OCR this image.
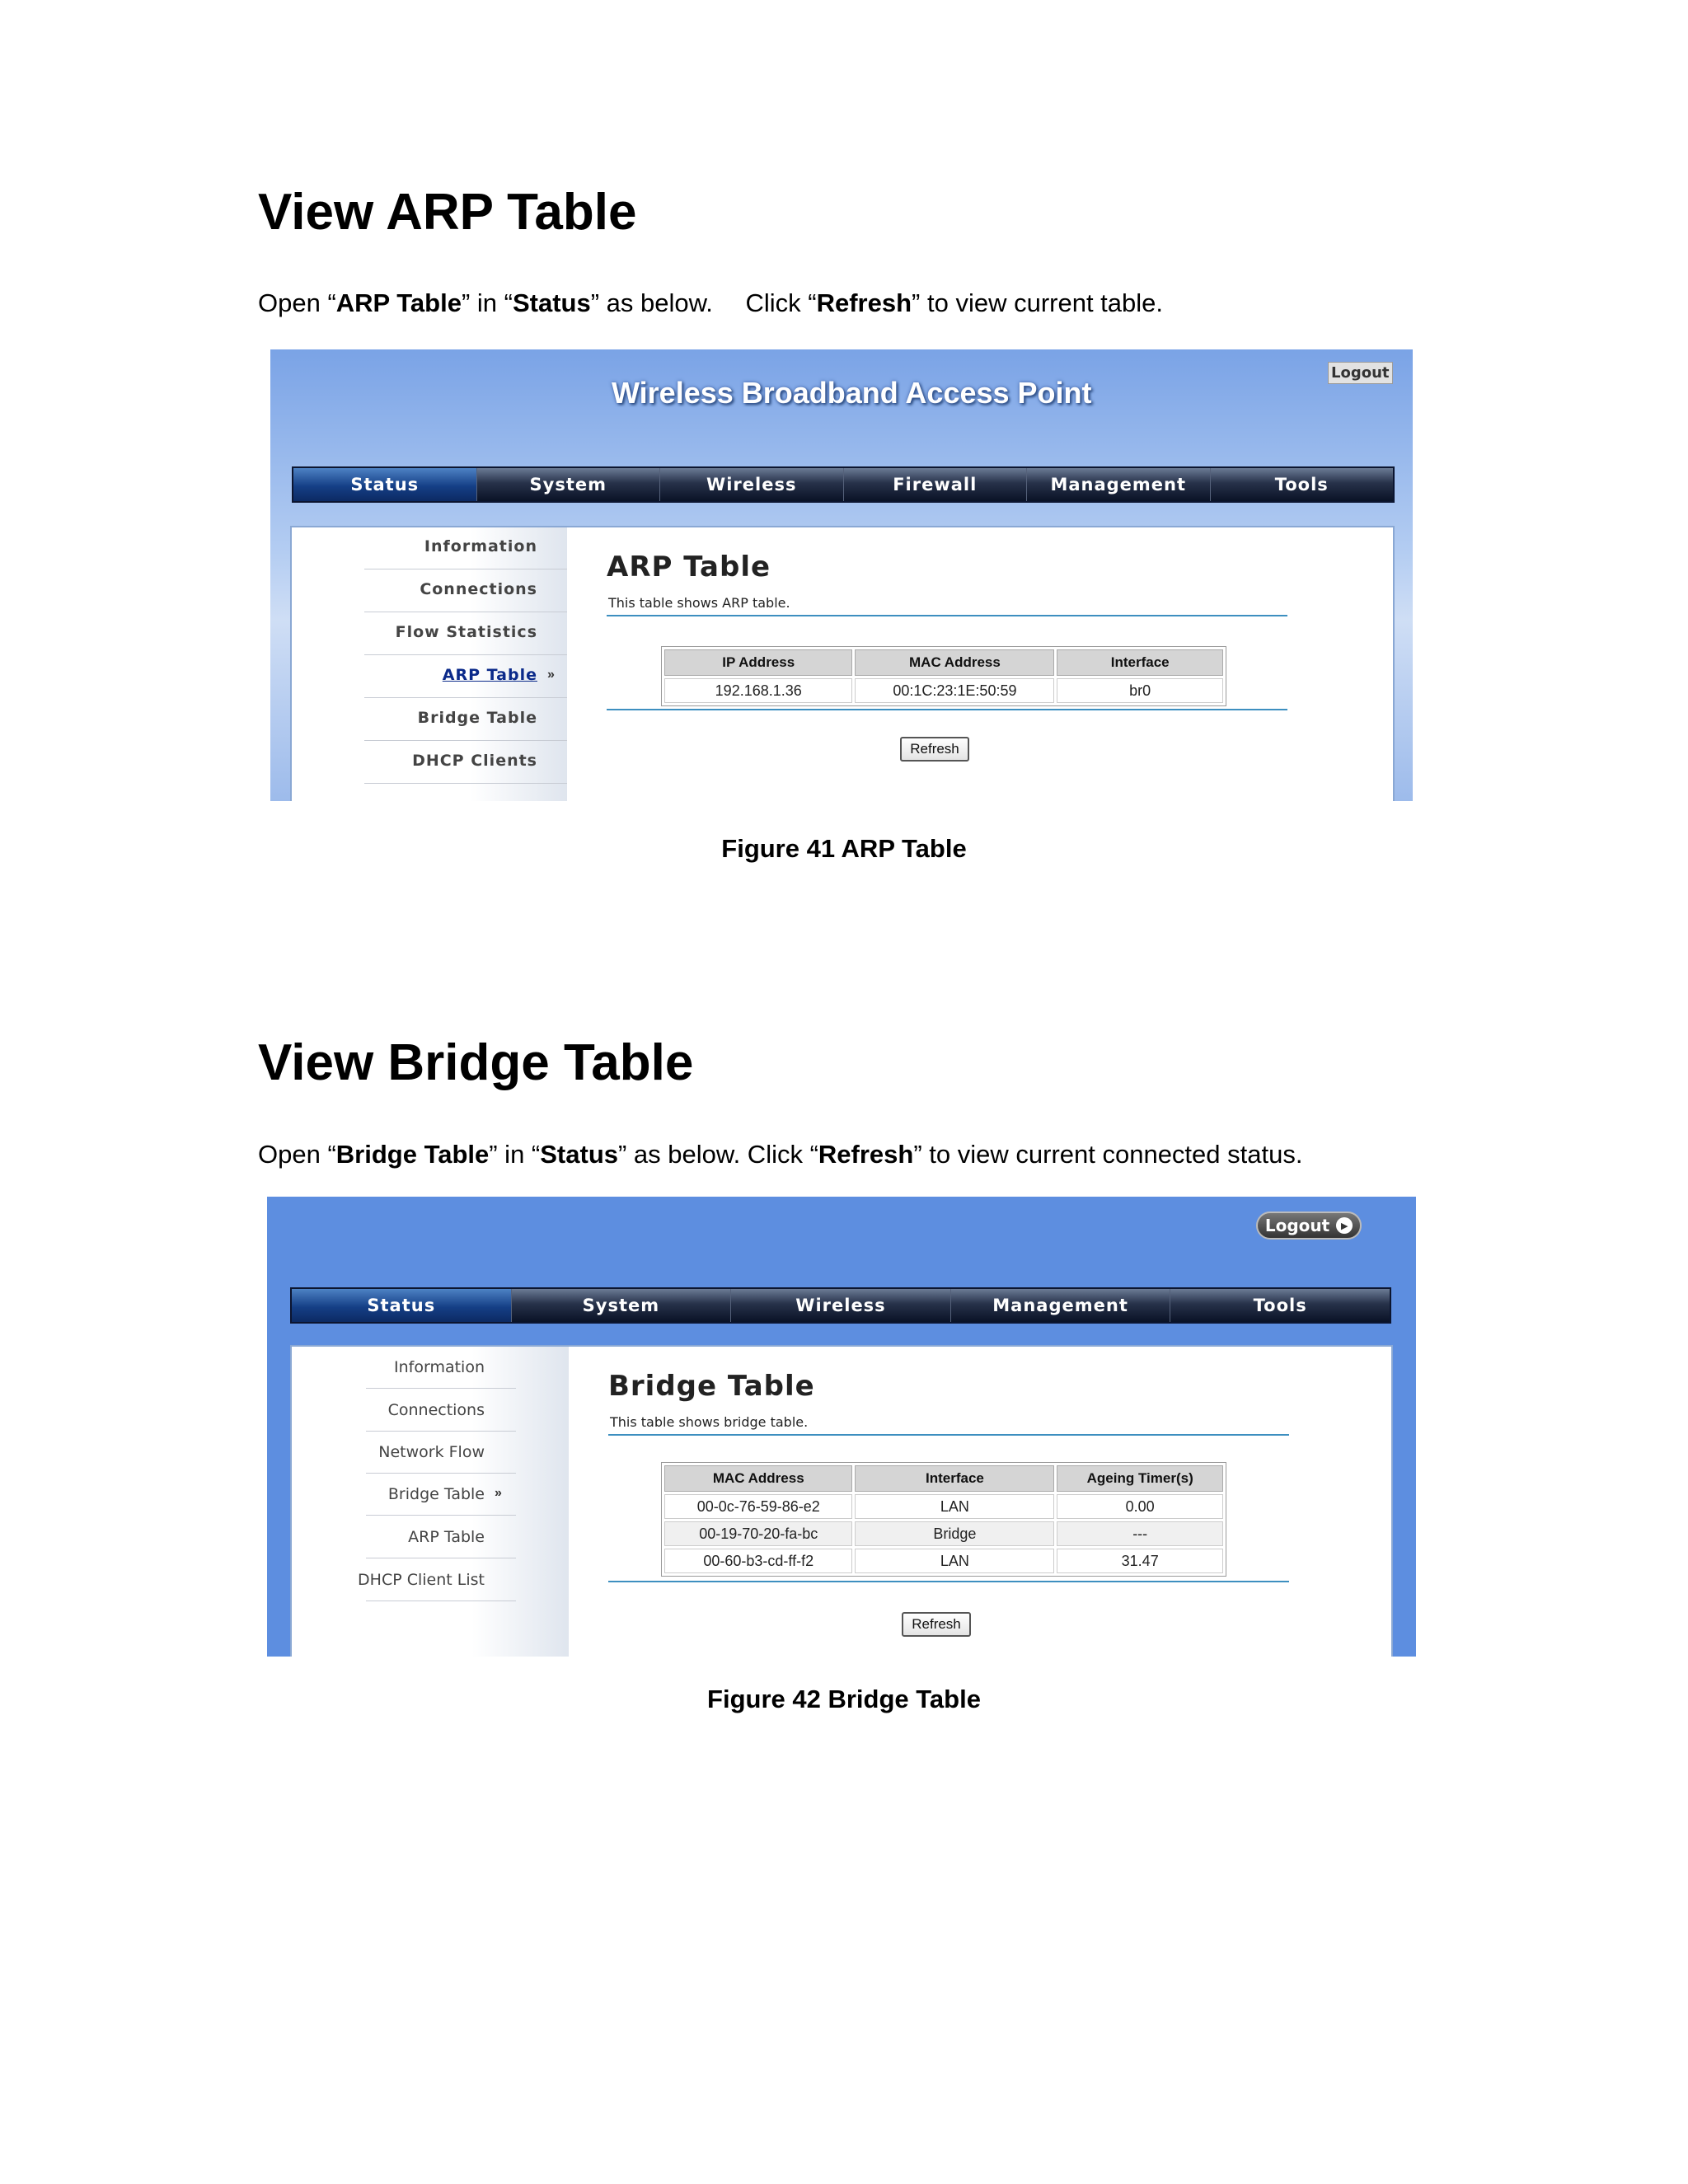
View ARP Table

Open “ARP Table” in “Status” as below.  Click “Refresh” to view current table.

Wireless Broadband Access Point
Logout
Status	System	Wireless	Firewall	Management	Tools
Information
Connections
Flow Statistics
ARP Table »
Bridge Table
DHCP Clients
ARP Table
This table shows ARP table.
IP Address	MAC Address	Interface
192.168.1.36	00:1C:23:1E:50:59	br0
Refresh
Figure 41 ARP Table
View Bridge Table

Open “Bridge Table” in “Status” as below. Click “Refresh” to view current connected status.

Logout	▶
Status	System	Wireless	Management	Tools
Information
Connections
Network Flow
Bridge Table »
ARP Table
DHCP Client List
Bridge Table
This table shows bridge table.
MAC Address	Interface	Ageing Timer(s)
00-0c-76-59-86-e2	LAN	0.00
00-19-70-20-fa-bc	Bridge	---
00-60-b3-cd-ff-f2	LAN	31.47
Refresh
Figure 42 Bridge Table
